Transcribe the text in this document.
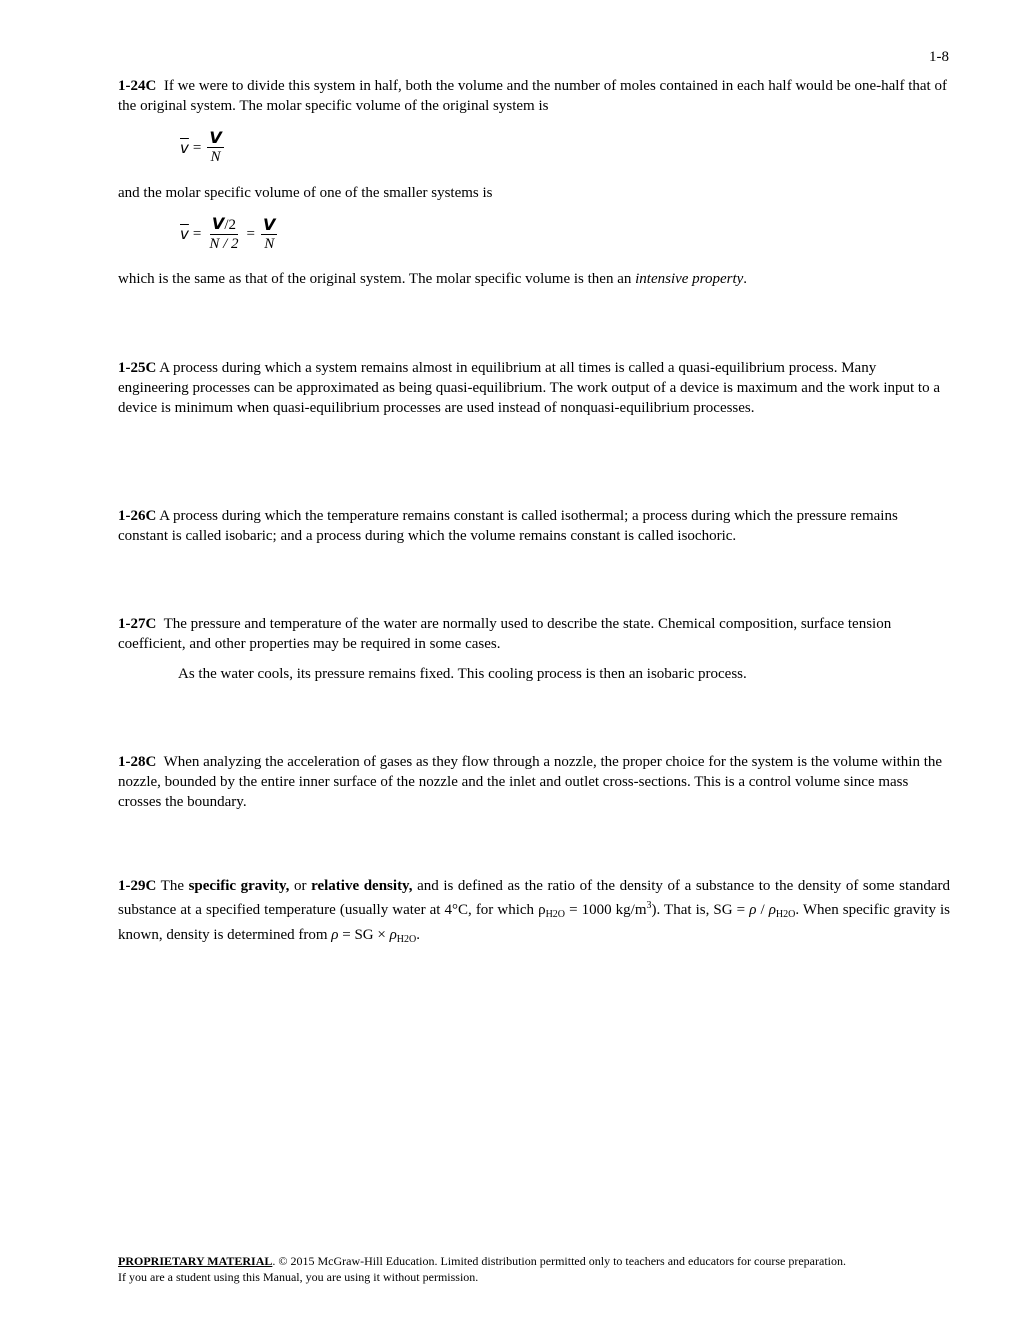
1-8

1-24C If we were to divide this system in half, both the volume and the number of moles contained in each half would be one-half that of the original system. The molar specific volume of the original system is

$\overline{v} = \frac{V}{N}$

and the molar specific volume of one of the smaller systems is

$\overline{v} = \frac{V/2}{N / 2} = \frac{V}{N}$

which is the same as that of the original system. The molar specific volume is then an intensive property.

1-25C A process during which a system remains almost in equilibrium at all times is called a quasi-equilibrium process. Many engineering processes can be approximated as being quasi-equilibrium. The work output of a device is maximum and the work input to a device is minimum when quasi-equilibrium processes are used instead of nonquasi-equilibrium processes.

1-26C A process during which the temperature remains constant is called isothermal; a process during which the pressure remains constant is called isobaric; and a process during which the volume remains constant is called isochoric.

1-27C The pressure and temperature of the water are normally used to describe the state. Chemical composition, surface tension coefficient, and other properties may be required in some cases.

As the water cools, its pressure remains fixed. This cooling process is then an isobaric process.

1-28C When analyzing the acceleration of gases as they flow through a nozzle, the proper choice for the system is the volume within the nozzle, bounded by the entire inner surface of the nozzle and the inlet and outlet cross-sections. This is a control volume since mass crosses the boundary.

1-29C The specific gravity, or relative density, and is defined as the ratio of the density of a substance to the density of some standard substance at a specified temperature (usually water at 4°C, for which $\rho_{H2O} = 1000$ $kg/m^3$). That is, SG = ρ / $\rho_{H2O}$. When specific gravity is known, density is determined from ρ = SG × $\rho_{H2O}$.

PROPRIETARY MATERIAL. © 2015 McGraw-Hill Education. Limited distribution permitted only to teachers and educators for course preparation.
If you are a student using this Manual, you are using it without permission.
